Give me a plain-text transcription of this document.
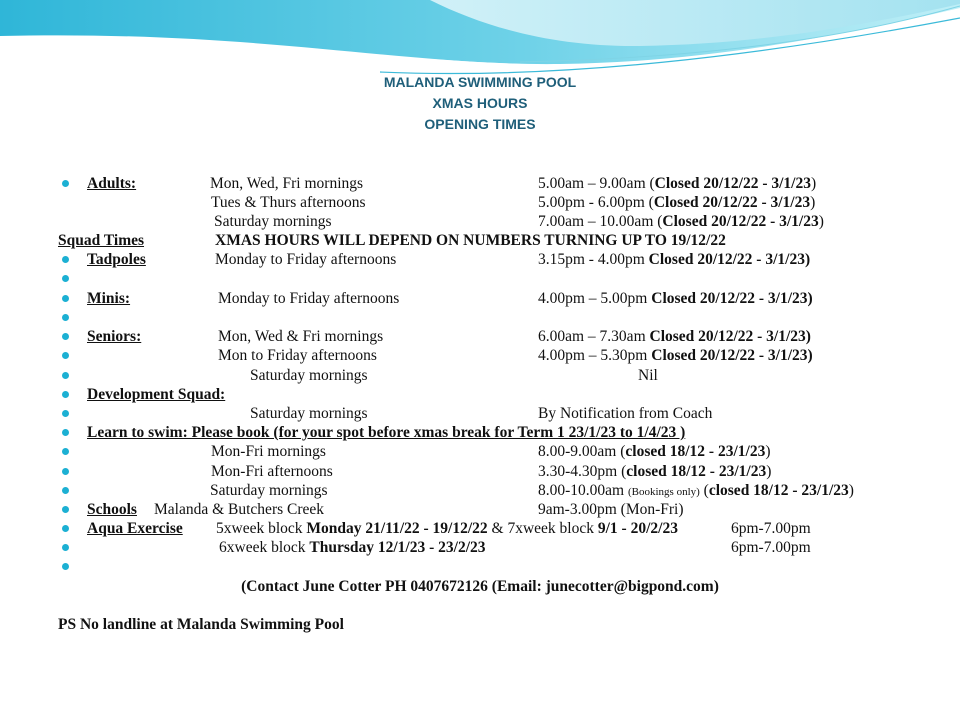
MALANDA SWIMMING POOL
XMAS HOURS
OPENING TIMES
Adults:	Mon, Wed, Fri mornings	5.00am – 9.00am (Closed 20/12/22 - 3/1/23)
Tues & Thurs afternoons	5.00pm - 6.00pm (Closed 20/12/22 - 3/1/23)
Saturday mornings	7.00am – 10.00am (Closed 20/12/22 - 3/1/23)
Squad Times	XMAS HOURS WILL DEPEND ON NUMBERS TURNING UP TO 19/12/22
Tadpoles	Monday to Friday afternoons	3.15pm - 4.00pm Closed 20/12/22 - 3/1/23)
Minis:	Monday to Friday afternoons	4.00pm – 5.00pm Closed 20/12/22 - 3/1/23)
Seniors:	Mon, Wed & Fri mornings	6.00am – 7.30am Closed 20/12/22 - 3/1/23)
Mon to Friday afternoons	4.00pm – 5.30pm Closed 20/12/22 - 3/1/23)
Saturday mornings	Nil
Development Squad:
Saturday mornings	By Notification from Coach
Learn to swim: Please book (for your spot before xmas break for Term 1 23/1/23 to 1/4/23 )
Mon-Fri mornings	8.00-9.00am (closed 18/12 - 23/1/23)
Mon-Fri afternoons	3.30-4.30pm (closed 18/12 - 23/1/23)
Saturday mornings	8.00-10.00am (Bookings only) (closed 18/12 - 23/1/23)
Schools Malanda & Butchers Creek	9am-3.00pm (Mon-Fri)
Aqua Exercise 5xweek block Monday 21/11/22 - 19/12/22 & 7xweek block 9/1 - 20/2/23	6pm-7.00pm
6xweek block Thursday 12/1/23 - 23/2/23	6pm-7.00pm
(Contact June Cotter PH 0407672126 (Email: junecotter@bigpond.com)
PS No landline at Malanda Swimming Pool
